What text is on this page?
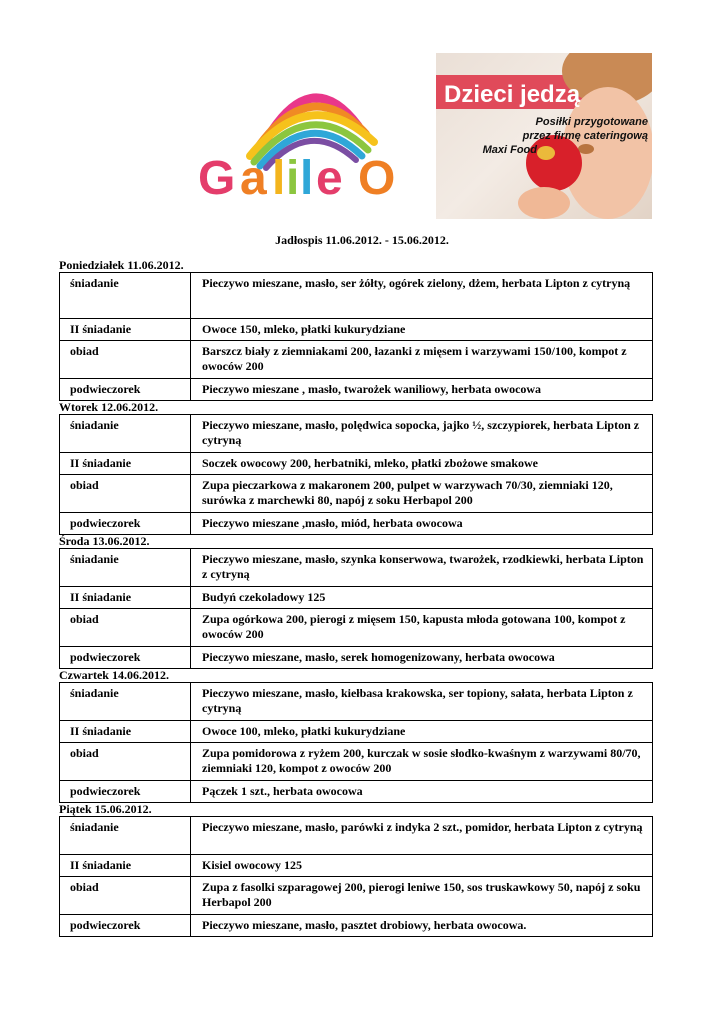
G a l i l e O
Dzieci jedzą
Posiłki przygotowane
przez firmę cateringową

Maxi Food
Jadłospis 11.06.2012. - 15.06.2012.
Poniedziałek 11.06.2012.
śniadanie	Pieczywo mieszane, masło, ser żółty, ogórek zielony, dżem, herbata Lipton z cytryną
II śniadanie	Owoce 150, mleko, płatki kukurydziane
obiad	Barszcz biały z ziemniakami 200, łazanki z mięsem i warzywami 150/100, kompot z owoców 200
podwieczorek	Pieczywo mieszane , masło, twarożek waniliowy, herbata owocowa
Wtorek 12.06.2012.
śniadanie	Pieczywo mieszane, masło, polędwica sopocka, jajko ½, szczypiorek, herbata Lipton z cytryną
II śniadanie	Soczek owocowy 200, herbatniki, mleko, płatki zbożowe smakowe
obiad	Zupa pieczarkowa z makaronem 200, pulpet w warzywach 70/30, ziemniaki 120, surówka z marchewki 80, napój z soku Herbapol 200
podwieczorek	Pieczywo mieszane ,masło, miód, herbata owocowa
Środa 13.06.2012.
śniadanie	Pieczywo mieszane, masło, szynka konserwowa, twarożek, rzodkiewki, herbata Lipton z cytryną
II śniadanie	Budyń czekoladowy 125
obiad	Zupa ogórkowa 200, pierogi z mięsem 150, kapusta młoda gotowana 100, kompot z owoców 200
podwieczorek	Pieczywo mieszane, masło, serek homogenizowany, herbata owocowa
Czwartek 14.06.2012.
śniadanie	Pieczywo mieszane, masło, kiełbasa krakowska, ser topiony, sałata, herbata Lipton z cytryną
II śniadanie	Owoce 100, mleko, płatki kukurydziane
obiad	Zupa pomidorowa z ryżem 200, kurczak w sosie słodko-kwaśnym z warzywami 80/70, ziemniaki 120, kompot z owoców 200
podwieczorek	Pączek 1 szt., herbata owocowa
Piątek 15.06.2012.
śniadanie	Pieczywo mieszane, masło, parówki z indyka 2 szt., pomidor, herbata Lipton z cytryną
II śniadanie	Kisiel owocowy 125
obiad	Zupa z fasolki szparagowej 200, pierogi leniwe 150, sos truskawkowy 50, napój z soku Herbapol 200
podwieczorek	Pieczywo mieszane, masło, pasztet drobiowy, herbata owocowa.
